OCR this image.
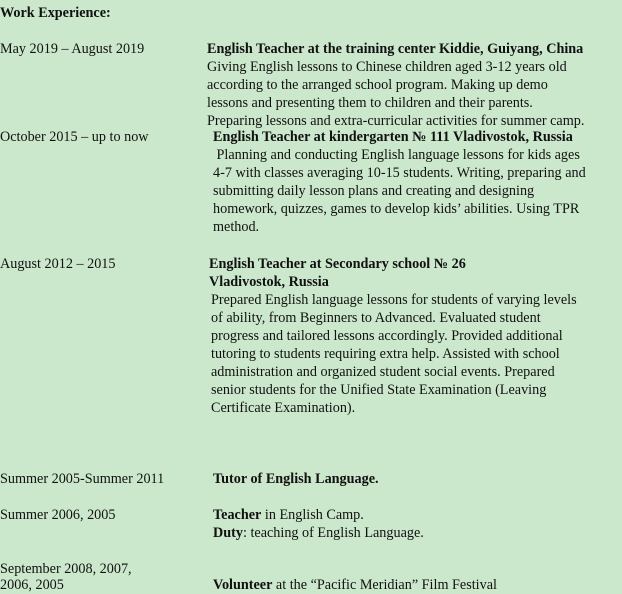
Work Experience:
May 2019 – August 2019	English Teacher at the training center Kiddie, Guiyang, China
Giving English lessons to Chinese children aged 3-12 years old
according to the arranged school program. Making up demo
lessons and presenting them to children and their parents.
Preparing lessons and extra-curricular activities for summer camp.
October 2015 – up to now	English Teacher at kindergarten № 111 Vladivostok, Russia
Planning and conducting English language lessons for kids ages
4-7 with classes averaging 10-15 students. Writing, preparing and
submitting daily lesson plans and creating and designing
homework, quizzes, games to develop kids’ abilities. Using TPR
method.
August 2012 – 2015	English Teacher at Secondary school № 26
Vladivostok, Russia
Prepared English language lessons for students of varying levels
of ability, from Beginners to Advanced. Evaluated student
progress and tailored lessons accordingly. Provided additional
tutoring to students requiring extra help. Assisted with school
administration and organized student social events. Prepared
senior students for the Unified State Examination (Leaving
Certificate Examination).
Summer 2005-Summer 2011	Tutor of English Language.
Summer 2006, 2005	Teacher in English Camp.
Duty: teaching of English Language.
September 2008, 2007,
2006, 2005	Volunteer at the “Pacific Meridian” Film Festival
